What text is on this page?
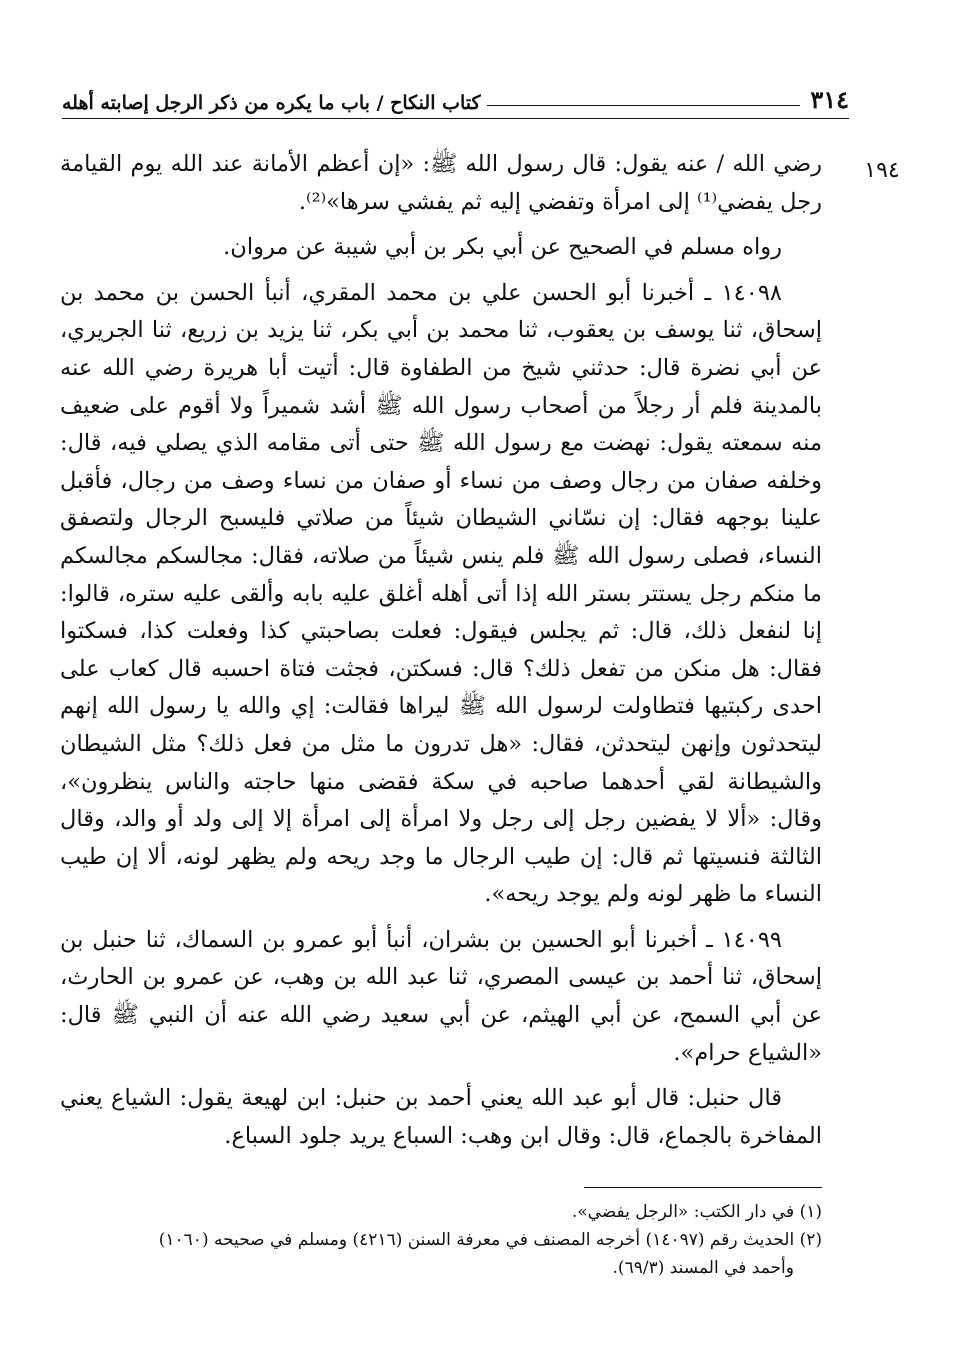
٣١٤
كتاب النكاح / باب ما يكره من ذكر الرجل إصابته أهله
١٩٤

رضي الله / عنه يقول: قال رسول الله ﷺ: «إن أعظم الأمانة عند الله يوم القيامة رجل يفضي⁽¹⁾ إلى امرأة وتفضي إليه ثم يفشي سرها»⁽²⁾.

رواه مسلم في الصحيح عن أبي بكر بن أبي شيبة عن مروان.

١٤٠٩٨ ـ أخبرنا أبو الحسن علي بن محمد المقري، أنبأ الحسن بن محمد بن إسحاق، ثنا يوسف بن يعقوب، ثنا محمد بن أبي بكر، ثنا يزيد بن زريع، ثنا الجريري، عن أبي نضرة قال: حدثني شيخ من الطفاوة قال: أتيت أبا هريرة رضي الله عنه بالمدينة فلم أر رجلاً من أصحاب رسول الله ﷺ أشد شميراً ولا أقوم على ضعيف منه سمعته يقول: نهضت مع رسول الله ﷺ حتى أتى مقامه الذي يصلي فيه، قال: وخلفه صفان من رجال وصف من نساء أو صفان من نساء وصف من رجال، فأقبل علينا بوجهه فقال: إن نسّاني الشيطان شيئاً من صلاتي فليسبح الرجال ولتصفق النساء، فصلى رسول الله ﷺ فلم ينس شيئاً من صلاته، فقال: مجالسكم مجالسكم ما منكم رجل يستتر بستر الله إذا أتى أهله أغلق عليه بابه وألقى عليه ستره، قالوا: إنا لنفعل ذلك، قال: ثم يجلس فيقول: فعلت بصاحبتي كذا وفعلت كذا، فسكتوا فقال: هل منكن من تفعل ذلك؟ قال: فسكتن، فجثت فتاة احسبه قال كعاب على احدى ركبتيها فتطاولت لرسول الله ﷺ ليراها فقالت: إي والله يا رسول الله إنهم ليتحدثون وإنهن ليتحدثن، فقال: «هل تدرون ما مثل من فعل ذلك؟ مثل الشيطان والشيطانة لقي أحدهما صاحبه في سكة فقضى منها حاجته والناس ينظرون»، وقال: «ألا لا يفضين رجل إلى رجل ولا امرأة إلى امرأة إلا إلى ولد أو والد، وقال الثالثة فنسيتها ثم قال: إن طيب الرجال ما وجد ريحه ولم يظهر لونه، ألا إن طيب النساء ما ظهر لونه ولم يوجد ريحه».

١٤٠٩٩ ـ أخبرنا أبو الحسين بن بشران، أنبأ أبو عمرو بن السماك، ثنا حنبل بن إسحاق، ثنا أحمد بن عيسى المصري، ثنا عبد الله بن وهب، عن عمرو بن الحارث، عن أبي السمح، عن أبي الهيثم، عن أبي سعيد رضي الله عنه أن النبي ﷺ قال: «الشياع حرام».

قال حنبل: قال أبو عبد الله يعني أحمد بن حنبل: ابن لهيعة يقول: الشياع يعني المفاخرة بالجماع، قال: وقال ابن وهب: السباع يريد جلود السباع.

(١) في دار الكتب: «الرجل يفضي».

(٢) الحديث رقم (١٤٠٩٧) أخرجه المصنف في معرفة السنن (٤٢١٦) ومسلم في صحيحه (١٠٦٠)

وأحمد في المسند (٦٩/٣).
